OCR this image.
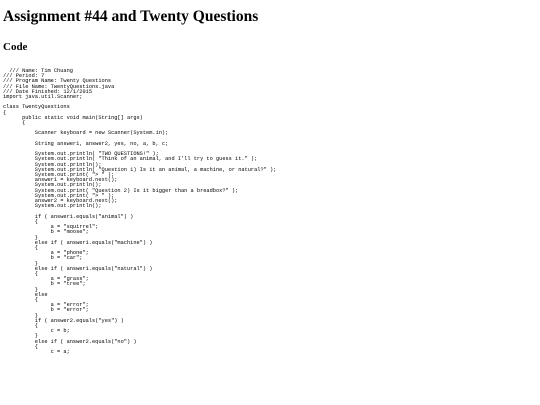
Assignment #44 and Twenty Questions
Code
/// Name: Tim Chuang
/// Period: 7
/// Program Name: Twenty Questions
/// File Name: TwentyQuestions.java
/// Date Finished: 12/1/2015
import java.util.Scanner;

class TwentyQuestions
{
public static void main(String[] args)
{

Scanner keyboard = new Scanner(System.in);

String answer1, answer2, yes, no, a, b, c;

System.out.println( "TWO QUESTIONS!" );
System.out.println( "Think of an animal, and I'll try to guess it." );
System.out.println();
System.out.println( "Question 1) Is it an animal, a machine, or natural?" );
System.out.print( "> " );
answer1 = keyboard.next();
System.out.println();
System.out.print( "Question 2) Is it bigger than a breadbox?" );
System.out.print( "> " );
answer2 = keyboard.next();
System.out.println();

if ( answer1.equals("animal") )
{
a = "squirrel";
b = "moose";
}
else if ( answer1.equals("machine") )
{
a = "phone";
b = "car";
}
else if ( answer1.equals("natural") )
{
a = "grass";
b = "tree";
}
else
{
a = "error";
b = "error";
}
if ( answer2.equals("yes") )
{
c = b;
}
else if ( answer2.equals("no") )
{
c = a;
